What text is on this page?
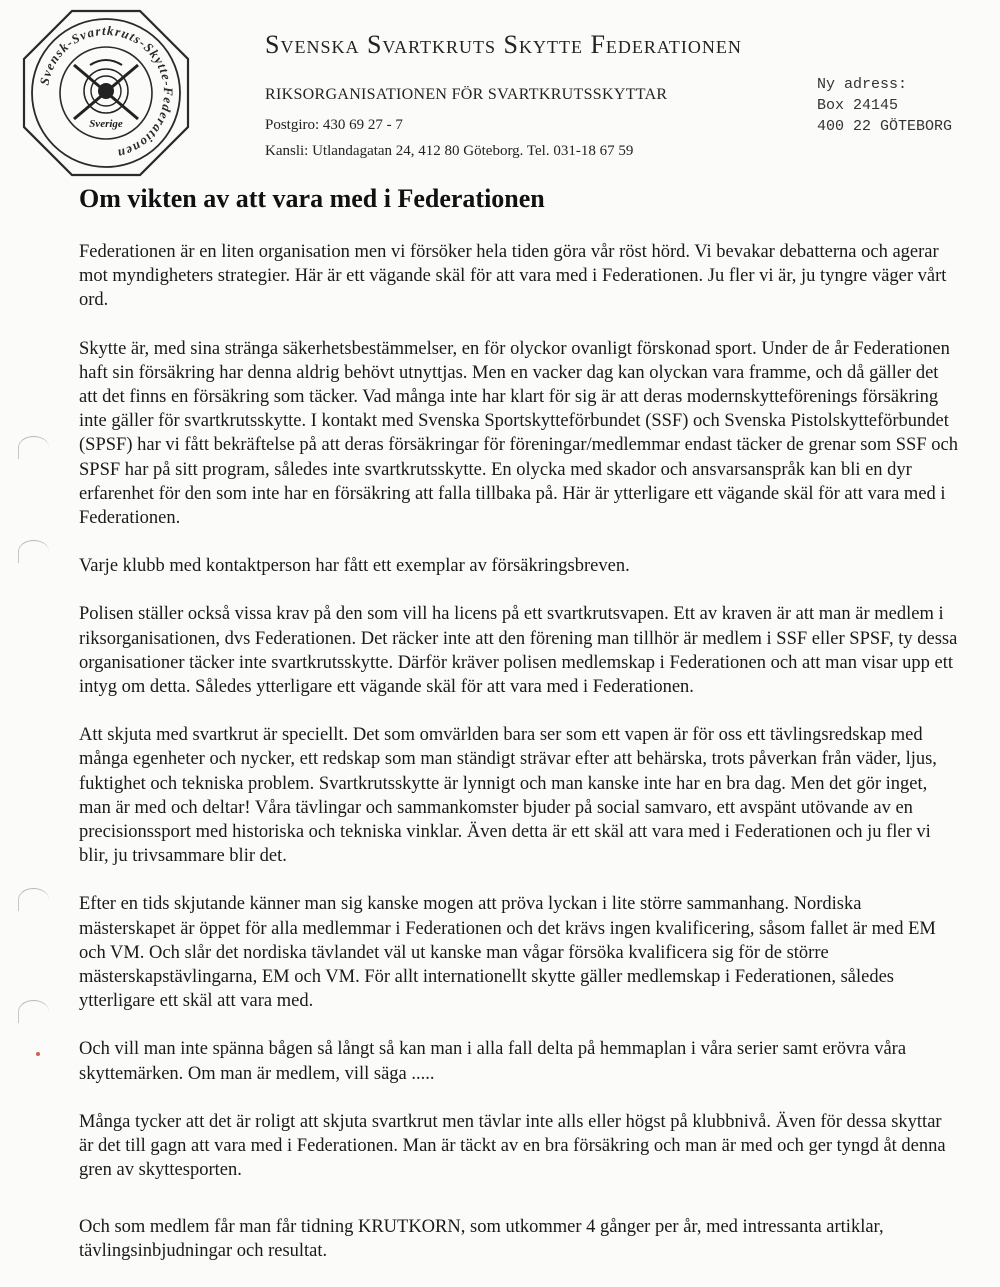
Svensk-Svartkruts-Skytte-Federationen
Sverige
Svenska Svartkruts Skytte Federationen
RIKSORGANISATIONEN FÖR SVARTKRUTSSKYTTAR
Postgiro: 430 69 27 - 7
Kansli: Utlandagatan 24, 412 80 Göteborg. Tel. 031-18 67 59
Ny adress:
Box 24145
400 22 GÖTEBORG
Om vikten av att vara med i Federationen

Federationen är en liten organisation men vi försöker hela tiden göra vår röst hörd. Vi bevakar debatterna och agerar mot myndigheters strategier. Här är ett vägande skäl för att vara med i Federationen. Ju fler vi är, ju tyngre väger vårt ord.

Skytte är, med sina stränga säkerhetsbestämmelser, en för olyckor ovanligt förskonad sport. Under de år Federationen haft sin försäkring har denna aldrig behövt utnyttjas. Men en vacker dag kan olyckan vara framme, och då gäller det att det finns en försäkring som täcker. Vad många inte har klart för sig är att deras modernskytteförenings försäkring inte gäller för svartkrutsskytte. I kontakt med Svenska Sportskytteförbundet (SSF) och Svenska Pistolskytteförbundet (SPSF) har vi fått bekräftelse på att deras försäkringar för föreningar/medlemmar endast täcker de grenar som SSF och SPSF har på sitt program, således inte svartkrutsskytte. En olycka med skador och ansvarsanspråk kan bli en dyr erfarenhet för den som inte har en försäkring att falla tillbaka på. Här är ytterligare ett vägande skäl för att vara med i Federationen.

Varje klubb med kontaktperson har fått ett exemplar av försäkringsbreven.

Polisen ställer också vissa krav på den som vill ha licens på ett svartkrutsvapen. Ett av kraven är att man är medlem i riksorganisationen, dvs Federationen. Det räcker inte att den förening man tillhör är medlem i SSF eller SPSF, ty dessa organisationer täcker inte svartkrutsskytte. Därför kräver polisen medlemskap i Federationen och att man visar upp ett intyg om detta. Således ytterligare ett vägande skäl för att vara med i Federationen.

Att skjuta med svartkrut är speciellt. Det som omvärlden bara ser som ett vapen är för oss ett tävlingsredskap med många egenheter och nycker, ett redskap som man ständigt strävar efter att behärska, trots påverkan från väder, ljus, fuktighet och tekniska problem. Svartkrutsskytte är lynnigt och man kanske inte har en bra dag. Men det gör inget, man är med och deltar! Våra tävlingar och sammankomster bjuder på social samvaro, ett avspänt utövande av en precisionssport med historiska och tekniska vinklar. Även detta är ett skäl att vara med i Federationen och ju fler vi blir, ju trivsammare blir det.

Efter en tids skjutande känner man sig kanske mogen att pröva lyckan i lite större sammanhang. Nordiska mästerskapet är öppet för alla medlemmar i Federationen och det krävs ingen kvalificering, såsom fallet är med EM och VM. Och slår det nordiska tävlandet väl ut kanske man vågar försöka kvalificera sig för de större mästerskapstävlingarna, EM och VM. För allt internationellt skytte gäller medlemskap i Federationen, således ytterligare ett skäl att vara med.

Och vill man inte spänna bågen så långt så kan man i alla fall delta på hemmaplan i våra serier samt erövra våra skyttemärken. Om man är medlem, vill säga .....

Många tycker att det är roligt att skjuta svartkrut men tävlar inte alls eller högst på klubbnivå. Även för dessa skyttar är det till gagn att vara med i Federationen. Man är täckt av en bra försäkring och man är med och ger tyngd åt denna gren av skyttesporten.

Och som medlem får man får tidning KRUTKORN, som utkommer 4 gånger per år, med intressanta artiklar, tävlingsinbjudningar och resultat.
